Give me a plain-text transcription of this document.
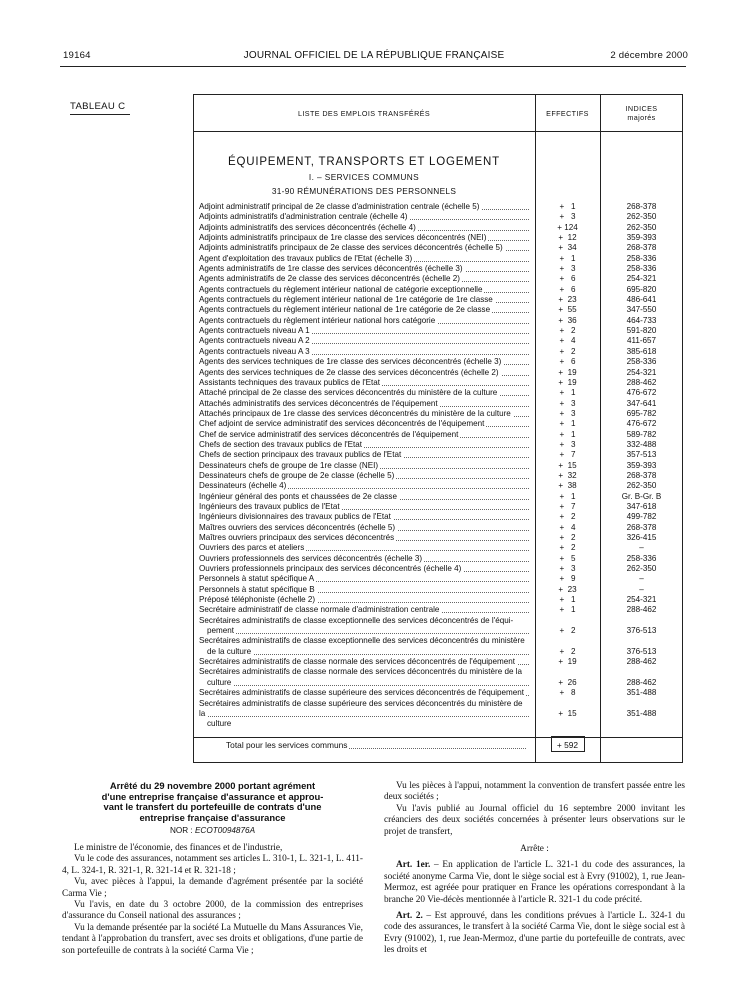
19164	JOURNAL OFFICIEL DE LA RÉPUBLIQUE FRANÇAISE	2 décembre 2000
TABLEAU C
LISTE DES EMPLOIS TRANSFÉRÉS	EFFECTIFS
INDICES
majorés
ÉQUIPEMENT, TRANSPORTS ET LOGEMENT
I. – SERVICES COMMUNS
31-90 RÉMUNÉRATIONS DES PERSONNELS
Adjoint administratif principal de 2e classe d'administration centrale (échelle 5)	+   1	268-378
Adjoints administratifs d'administration centrale (échelle 4)	+   3	262-350
Adjoints administratifs des services déconcentrés (échelle 4)	+ 124	262-350
Adjoints administratifs principaux de 1re classe des services déconcentrés (NEI)	+  12	359-393
Adjoints administratifs principaux de 2e classe des services déconcentrés (échelle 5)	+  34	268-378
Agent d'exploitation des travaux publics de l'Etat (échelle 3)	+   1	258-336
Agents administratifs de 1re classe des services déconcentrés (échelle 3)	+   3	258-336
Agents administratifs de 2e classe des services déconcentrés (échelle 2)	+   6	254-321
Agents contractuels du règlement intérieur national de catégorie exceptionnelle	+   6	695-820
Agents contractuels du règlement intérieur national de 1re catégorie de 1re classe	+  23	486-641
Agents contractuels du règlement intérieur national de 1re catégorie de 2e classe	+  55	347-550
Agents contractuels du règlement intérieur national hors catégorie	+  36	464-733
Agents contractuels niveau A 1	+   2	591-820
Agents contractuels niveau A 2	+   4	411-657
Agents contractuels niveau A 3	+   2	385-618
Agents des services techniques de 1re classe des services déconcentrés (échelle 3)	+   6	258-336
Agents des services techniques de 2e classe des services déconcentrés (échelle 2)	+  19	254-321
Assistants techniques des travaux publics de l'Etat	+  19	288-462
Attaché principal de 2e classe des services déconcentrés du ministère de la culture	+   1	476-672
Attachés administratifs des services déconcentrés de l'équipement	+   3	347-641
Attachés principaux de 1re classe des services déconcentrés du ministère de la culture	+   3	695-782
Chef adjoint de service administratif des services déconcentrés de l'équipement	+   1	476-672
Chef de service administratif des services déconcentrés de l'équipement	+   1	589-782
Chefs de section des travaux publics de l'Etat	+   3	332-488
Chefs de section principaux des travaux publics de l'Etat	+   7	357-513
Dessinateurs chefs de groupe de 1re classe (NEI)	+  15	359-393
Dessinateurs chefs de groupe de 2e classe (échelle 5)	+  32	268-378
Dessinateurs (échelle 4)	+  38	262-350
Ingénieur général des ponts et chaussées de 2e classe	+   1	Gr. B-Gr. B
Ingénieurs des travaux publics de l'Etat	+   7	347-618
Ingénieurs divisionnaires des travaux publics de l'Etat	+   2	499-782
Maîtres ouvriers des services déconcentrés (échelle 5)	+   4	268-378
Maîtres ouvriers principaux des services déconcentrés	+   2	326-415
Ouvriers des parcs et ateliers	+   2	–
Ouvriers professionnels des services déconcentrés (échelle 3)	+   5	258-336
Ouvriers professionnels principaux des services déconcentrés (échelle 4)	+   3	262-350
Personnels à statut spécifique A	+   9	–
Personnels à statut spécifique B	+  23	–
Préposé téléphoniste (échelle 2)	+   1	254-321
Secrétaire administratif de classe normale d'administration centrale	+   1	288-462
Secrétaires administratifs de classe exceptionnelle des services déconcentrés de l'équi-
pement	+   2	376-513
Secrétaires administratifs de classe exceptionnelle des services déconcentrés du ministère
de la culture	+   2	376-513
Secrétaires administratifs de classe normale des services déconcentrés de l'équipement	+  19	288-462
Secrétaires administratifs de classe normale des services déconcentrés du ministère de la
culture	+  26	288-462
Secrétaires administratifs de classe supérieure des services déconcentrés de l'équipement	+   8	351-488
Secrétaires administratifs de classe supérieure des services déconcentrés du ministère de la
culture
+  15	351-488
Total pour les services communs	+ 592
Arrêté du 29 novembre 2000 portant agrément
d'une entreprise française d'assurance et approu-
vant le transfert du portefeuille de contrats d'une
entreprise française d'assurance
NOR : ECOT0094876A

Le ministre de l'économie, des finances et de l'industrie,

Vu le code des assurances, notamment ses articles L. 310-1, L. 321-1, L. 411-4, L. 324-1, R. 321-1, R. 321-14 et R. 321-18 ;

Vu, avec pièces à l'appui, la demande d'agrément présentée par la société Carma Vie ;

Vu l'avis, en date du 3 octobre 2000, de la commission des entreprises d'assurance du Conseil national des assurances ;

Vu la demande présentée par la société La Mutuelle du Mans Assurances Vie, tendant à l'approbation du transfert, avec ses droits et obligations, d'une partie de son portefeuille de contrats à la société Carma Vie ;

Vu les pièces à l'appui, notamment la convention de transfert passée entre les deux sociétés ;

Vu l'avis publié au Journal officiel du 16 septembre 2000 invitant les créanciers des deux sociétés concernées à présenter leurs observations sur le projet de transfert,

Arrête :

Art. 1er. – En application de l'article L. 321-1 du code des assurances, la société anonyme Carma Vie, dont le siège social est à Evry (91002), 1, rue Jean-Mermoz, est agréée pour pratiquer en France les opérations correspondant à la branche 20 Vie-décès mentionnée à l'article R. 321-1 du code précité.

Art. 2. – Est approuvé, dans les conditions prévues à l'article L. 324-1 du code des assurances, le transfert à la société Carma Vie, dont le siège social est à Evry (91002), 1, rue Jean-Mermoz, d'une partie du portefeuille de contrats, avec les droits et
